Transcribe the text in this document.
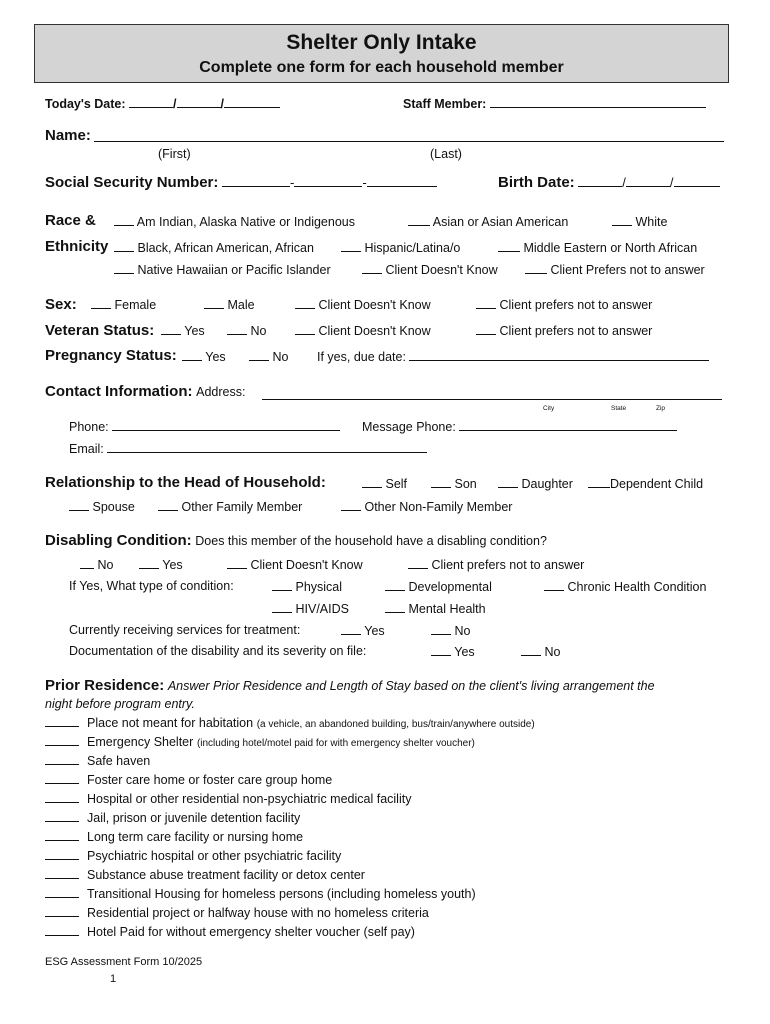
Shelter Only Intake
Complete one form for each household member
Today's Date:	/	/	Staff Member:
Name:
(First)	(Last)
Social Security Number:	-	-	Birth Date:	/	/
Race &
Ethnicity
Am Indian, Alaska Native or Indigenous	Asian or Asian American	White
Black, African American, African	Hispanic/Latina/o	Middle Eastern or North African
Native Hawaiian or Pacific Islander	Client Doesn't Know	Client Prefers not to answer
Sex:	Female	Male	Client Doesn't Know	Client prefers not to answer
Veteran Status:	Yes	No	Client Doesn't Know	Client prefers not to answer
Pregnancy Status:	Yes	No If yes, due date:
Contact Information: Address:
City	State	Zip
Phone:	Message Phone:
Email:
Relationship to the Head of Household:	Self	Son	Daughter	Dependent Child
Spouse	Other Family Member	Other Non-Family Member
Disabling Condition: Does this member of the household have a disabling condition?
No	Yes	Client Doesn't Know	Client prefers not to answer
If Yes, What type of condition:	Physical	Developmental	Chronic Health Condition
HIV/AIDS	Mental Health
Currently receiving services for treatment:	Yes	No
Documentation of the disability and its severity on file:	Yes	No
Prior Residence: Answer Prior Residence and Length of Stay based on the client's living arrangement the
night before program entry.
Place not meant for habitation (a vehicle, an abandoned building, bus/train/anywhere outside)
Emergency Shelter (including hotel/motel paid for with emergency shelter voucher)
Safe haven
Foster care home or foster care group home
Hospital or other residential non-psychiatric medical facility
Jail, prison or juvenile detention facility
Long term care facility or nursing home
Psychiatric hospital or other psychiatric facility
Substance abuse treatment facility or detox center
Transitional Housing for homeless persons (including homeless youth)
Residential project or halfway house with no homeless criteria
Hotel Paid for without emergency shelter voucher (self pay)
ESG Assessment Form 10/2025
1
